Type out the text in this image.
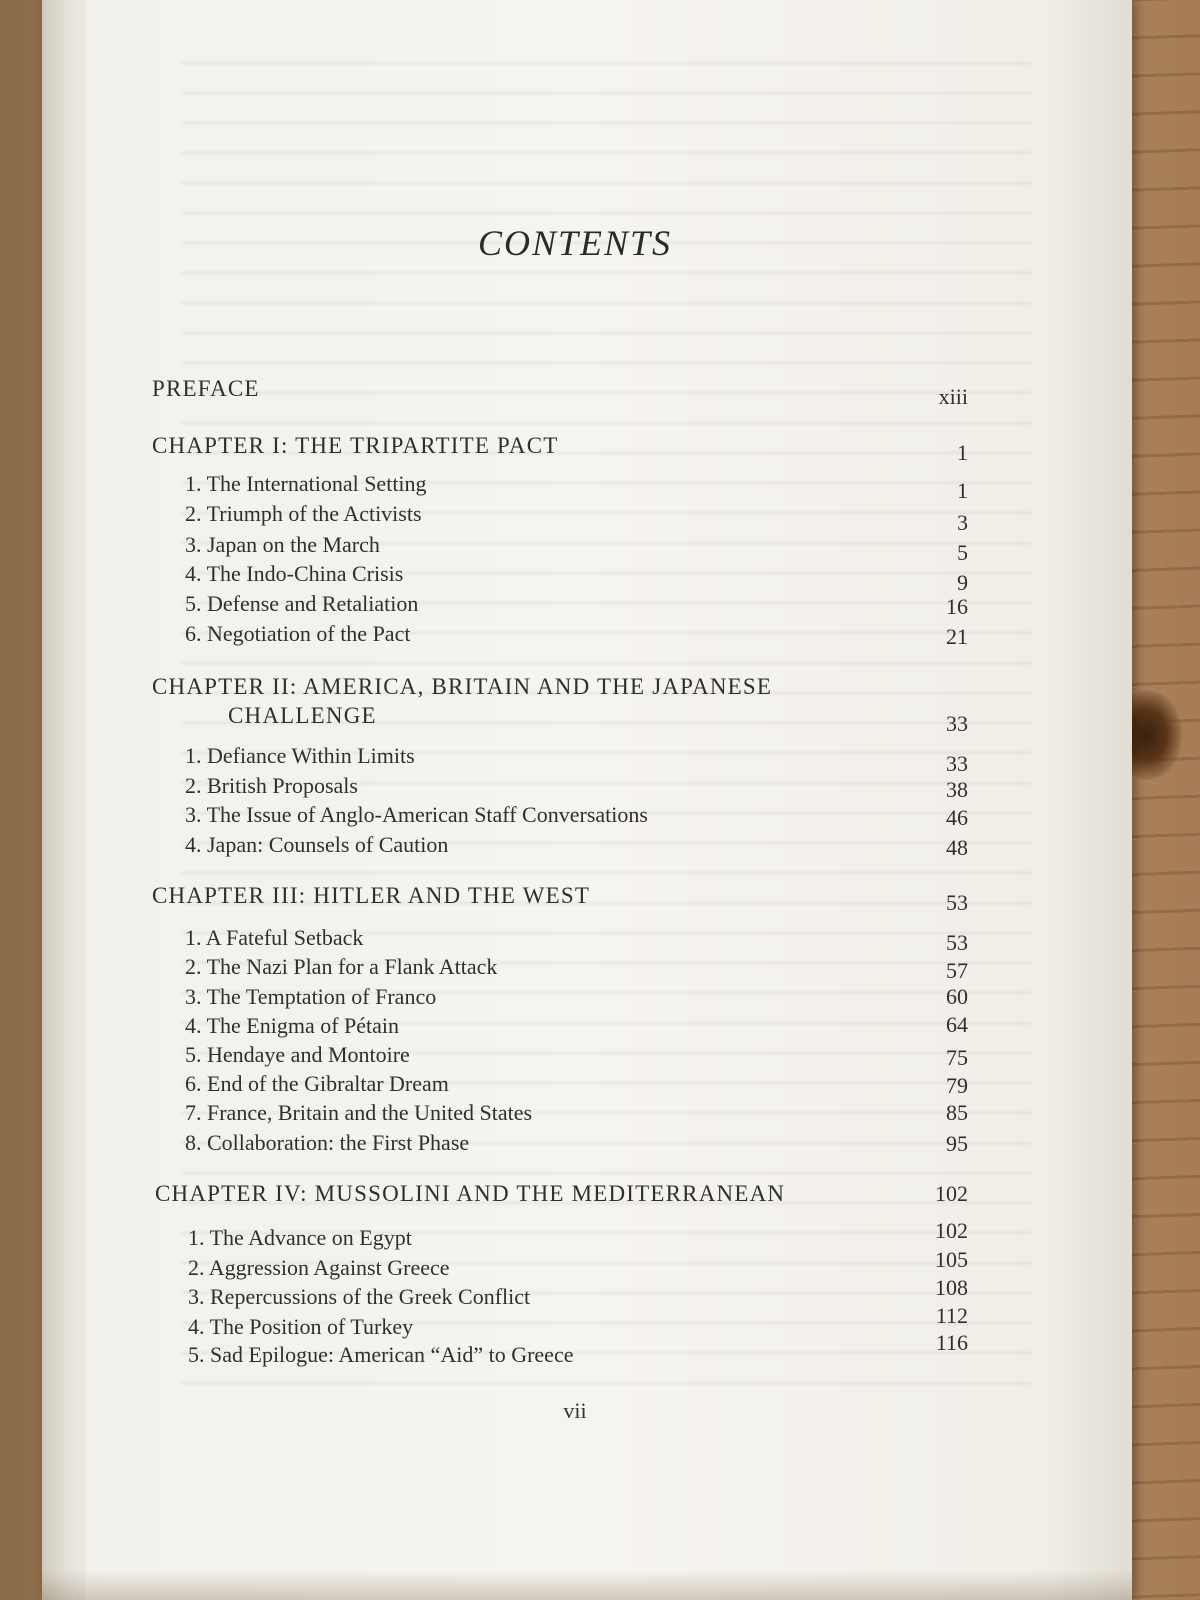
CONTENTS
PREFACE	xiii
CHAPTER I: THE TRIPARTITE PACT	1
1. The International Setting	1
2. Triumph of the Activists	3
3. Japan on the March	5
4. The Indo-China Crisis	9
5. Defense and Retaliation	16
6. Negotiation of the Pact	21
CHAPTER II: AMERICA, BRITAIN AND THE JAPANESE
CHALLENGE	33
1. Defiance Within Limits	33
2. British Proposals	38
3. The Issue of Anglo-American Staff Conversations	46
4. Japan: Counsels of Caution	48
CHAPTER III: HITLER AND THE WEST	53
1. A Fateful Setback	53
2. The Nazi Plan for a Flank Attack	57
3. The Temptation of Franco	60
4. The Enigma of Pétain	64
5. Hendaye and Montoire	75
6. End of the Gibraltar Dream	79
7. France, Britain and the United States	85
8. Collaboration: the First Phase	95
CHAPTER IV: MUSSOLINI AND THE MEDITERRANEAN	102
1. The Advance on Egypt	102
2. Aggression Against Greece	105
3. Repercussions of the Greek Conflict	108
4. The Position of Turkey	112
5. Sad Epilogue: American “Aid” to Greece	116
vii
